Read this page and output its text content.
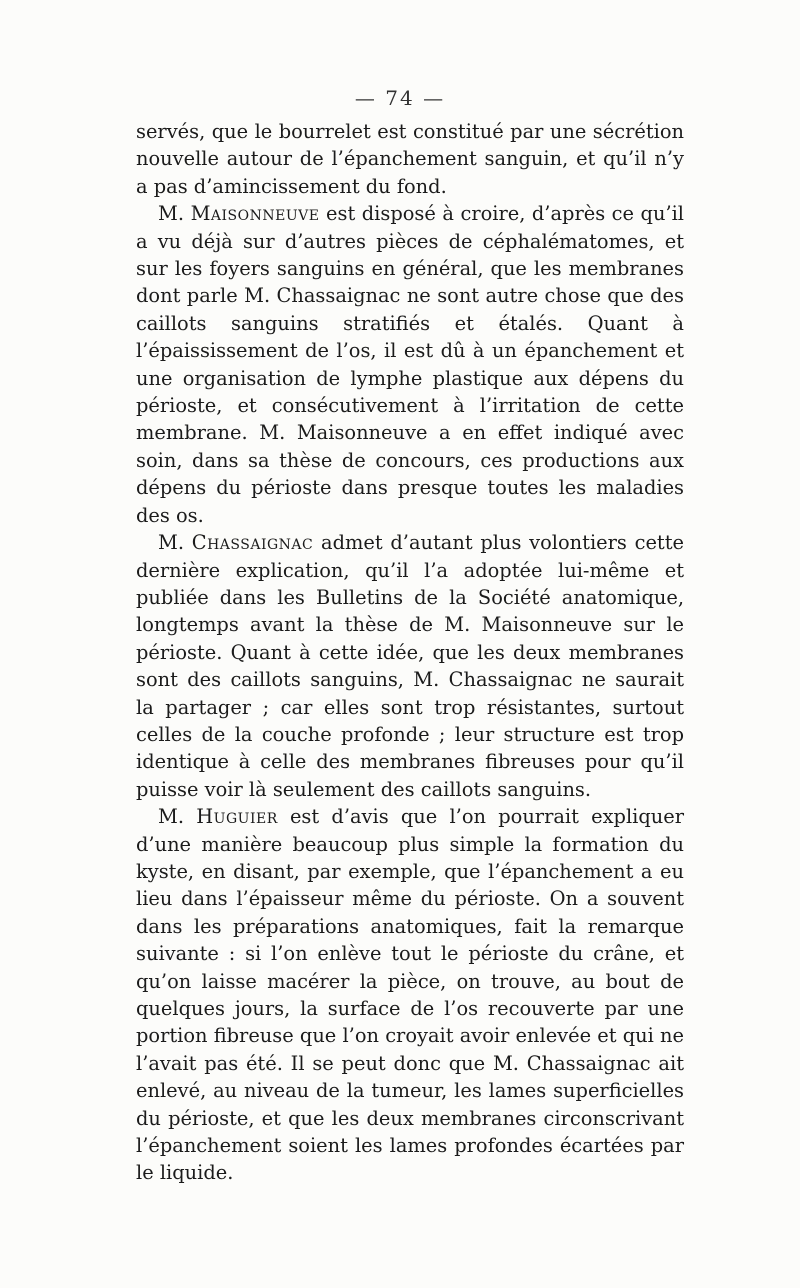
— 74 —

servés, que le bourrelet est constitué par une sécrétion nouvelle autour de l’épanchement sanguin, et qu’il n’y a pas d’amincissement du fond.

M. Maisonneuve est disposé à croire, d’après ce qu’il a vu déjà sur d’autres pièces de céphalématomes, et sur les foyers sanguins en général, que les membranes dont parle M. Chassaignac ne sont autre chose que des caillots sanguins stratifiés et étalés. Quant à l’épaississement de l’os, il est dû à un épanchement et une organisation de lymphe plastique aux dépens du périoste, et consécutivement à l’irritation de cette membrane. M. Maisonneuve a en effet indiqué avec soin, dans sa thèse de concours, ces productions aux dépens du périoste dans presque toutes les maladies des os.

M. Chassaignac admet d’autant plus volontiers cette dernière explication, qu’il l’a adoptée lui-même et publiée dans les Bulletins de la Société anatomique, longtemps avant la thèse de M. Maisonneuve sur le périoste. Quant à cette idée, que les deux membranes sont des caillots sanguins, M. Chassaignac ne saurait la partager ; car elles sont trop résistantes, surtout celles de la couche profonde ; leur structure est trop identique à celle des membranes fibreuses pour qu’il puisse voir là seulement des caillots sanguins.

M. Huguier est d’avis que l’on pourrait expliquer d’une manière beaucoup plus simple la formation du kyste, en disant, par exemple, que l’épanchement a eu lieu dans l’épaisseur même du périoste. On a souvent dans les préparations anatomiques, fait la remarque suivante : si l’on enlève tout le périoste du crâne, et qu’on laisse macérer la pièce, on trouve, au bout de quelques jours, la surface de l’os recouverte par une portion fibreuse que l’on croyait avoir enlevée et qui ne l’avait pas été. Il se peut donc que M. Chassaignac ait enlevé, au niveau de la tumeur, les lames superficielles du périoste, et que les deux membranes circonscrivant l’épanchement soient les lames profondes écartées par le liquide.
